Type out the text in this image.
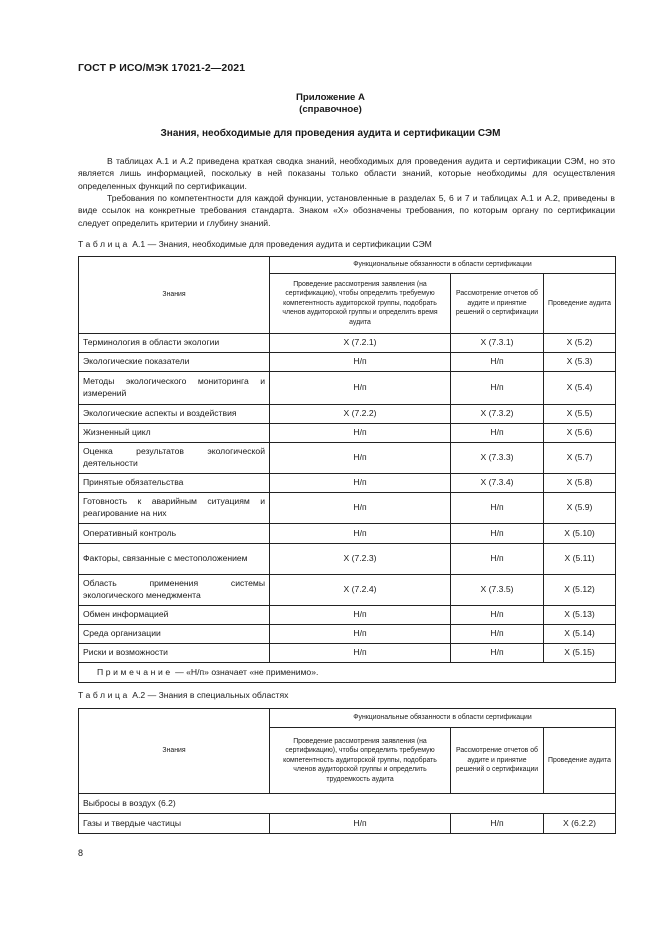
ГОСТ Р ИСО/МЭК 17021-2—2021
Приложение А
(справочное)
Знания, необходимые для проведения аудита и сертификации СЭМ
В таблицах А.1 и А.2 приведена краткая сводка знаний, необходимых для проведения аудита и сертификации СЭМ, но это является лишь информацией, поскольку в ней показаны только области знаний, которые необходимы для осуществления определенных функций по сертификации.
Требования по компетентности для каждой функции, установленные в разделах 5, 6 и 7 и таблицах А.1 и А.2, приведены в виде ссылок на конкретные требования стандарта. Знаком «X» обозначены требования, по которым органу по сертификации следует определить критерии и глубину знаний.
Таблица А.1 — Знания, необходимые для проведения аудита и сертификации СЭМ
Знания	Функциональные обязанности в области сертификации		
	Проведение рассмотрения заявления (на сертификацию), чтобы определить требуемую компетентность аудиторской группы, подобрать членов аудиторской группы и определить время аудита	Рассмотрение отчетов об аудите и принятие решений о сертификации	Проведение аудита
Терминология в области экологии	X (7.2.1)	X (7.3.1)	X (5.2)
Экологические показатели	Н/п	Н/п	X (5.3)
Методы экологического мониторинга и измерений	Н/п	Н/п	X (5.4)
Экологические аспекты и воздействия	X (7.2.2)	X (7.3.2)	X (5.5)
Жизненный цикл	Н/п	Н/п	X (5.6)
Оценка результатов экологической деятельности	Н/п	X (7.3.3)	X (5.7)
Принятые обязательства	Н/п	X (7.3.4)	X (5.8)
Готовность к аварийным ситуациям и реагирование на них	Н/п	Н/п	X (5.9)
Оперативный контроль	Н/п	Н/п	X (5.10)
Факторы, связанные с местоположением	X (7.2.3)	Н/п	X (5.11)
Область применения системы экологического менеджмента	X (7.2.4)	X (7.3.5)	X (5.12)
Обмен информацией	Н/п	Н/п	X (5.13)
Среда организации	Н/п	Н/п	X (5.14)
Риски и возможности	Н/п	Н/п	X (5.15)
Примечание — «Н/п» означает «не применимо».			
Таблица А.2 — Знания в специальных областях
Знания	Функциональные обязанности в области сертификации		
	Проведение рассмотрения заявления (на сертификацию), чтобы определить требуемую компетентность аудиторской группы, подобрать членов аудиторской группы и определить трудоемкость аудита	Рассмотрение отчетов об аудите и принятие решений о сертификации	Проведение аудита
Выбросы в воздух (6.2)			
Газы и твердые частицы	Н/п	Н/п	X (6.2.2)
8
